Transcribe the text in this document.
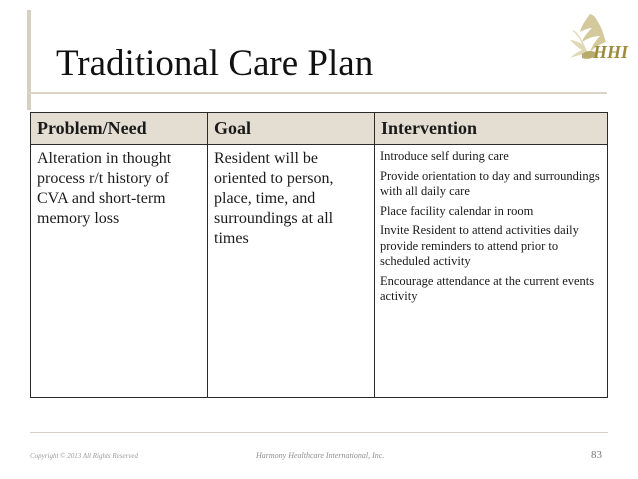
Traditional Care Plan	HHI
Problem/Need	Goal	Intervention
Alteration in thought process r/t history of CVA and short-term memory loss	Resident will be oriented to person, place, time, and surroundings at all times	Introduce self during care
Provide orientation to day and surroundings with all daily care
Place facility calendar in room
Invite Resident to attend activities daily provide reminders to attend prior to scheduled activity
Encourage attendance at the current events activity
Copyright © 2013 All Rights Reserved	Harmony Healthcare International, Inc.	83
